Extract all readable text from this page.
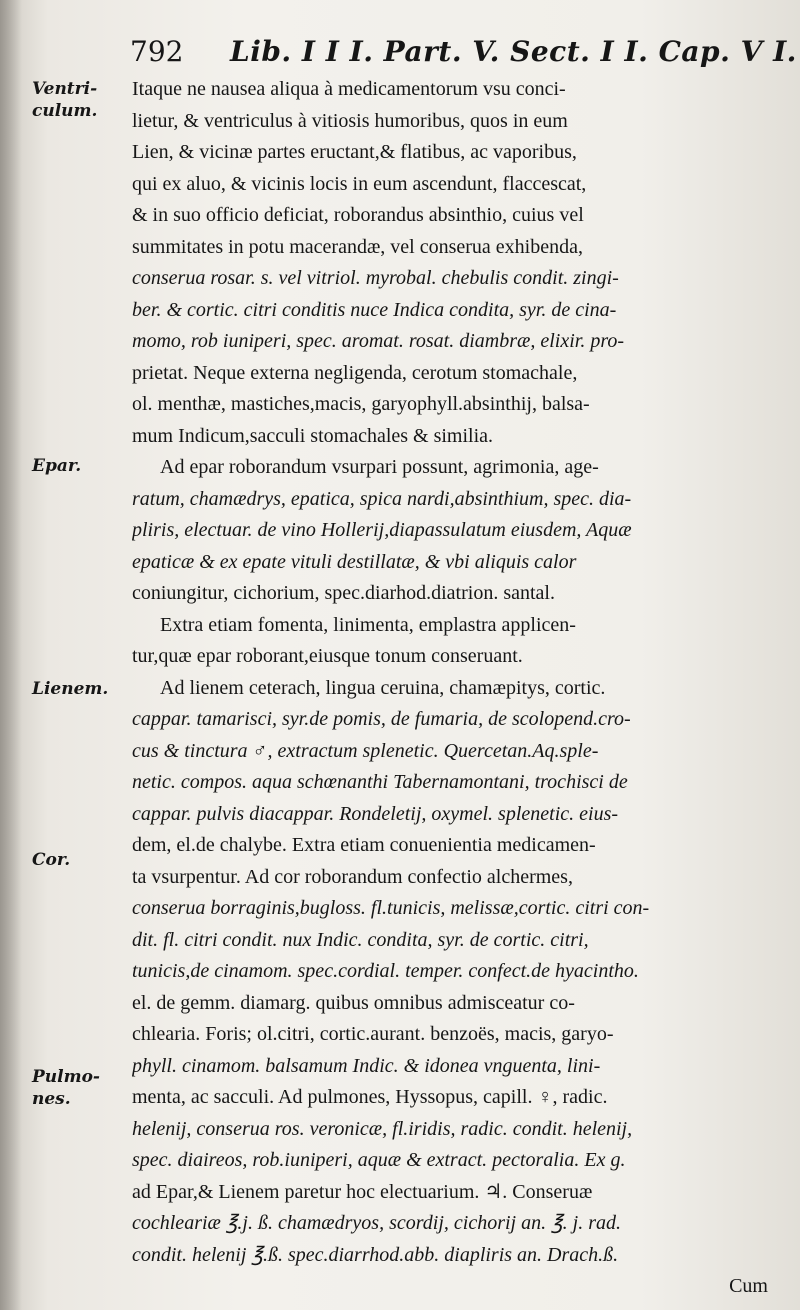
792 Lib. I I I. Part. V. Sect. I I. Cap. V I.
Ventri-
culum.
Epar.
Lienem.
Cor.
Pulmo-
nes.
Itaque ne nausea aliqua à medicamentorum vsu conci-
lietur, & ventriculus à vitiosis humoribus, quos in eum
Lien, & vicinæ partes eructant,& flatibus, ac vaporibus,
qui ex aluo, & vicinis locis in eum ascendunt, flaccescat,
& in suo officio deficiat, roborandus absinthio, cuius vel
summitates in potu macerandæ, vel conserua exhibenda,
conserua rosar. s. vel vitriol. myrobal. chebulis condit. zingi-
ber. & cortic. citri conditis nuce Indica condita, syr. de cina-
momo, rob iuniperi, spec. aromat. rosat. diambræ, elixir. pro-
prietat. Neque externa negligenda, cerotum stomachale,
ol. menthæ, mastiches,macis, garyophyll.absinthij, balsa-
mum Indicum,sacculi stomachales & similia.
Ad epar roborandum vsurpari possunt, agrimonia, age-
ratum, chamædrys, epatica, spica nardi,absinthium, spec. dia-
pliris, electuar. de vino Hollerij,diapassulatum eiusdem, Aquæ
epaticæ & ex epate vituli destillatæ, & vbi aliquis calor
coniungitur, cichorium, spec.diarhod.diatrion. santal.
Extra etiam fomenta, linimenta, emplastra applicen-
tur,quæ epar roborant,eiusque tonum conseruant.
Ad lienem ceterach, lingua ceruina, chamæpitys, cortic.
cappar. tamarisci, syr.de pomis, de fumaria, de scolopend.cro-
cus & tinctura ♂, extractum splenetic. Quercetan.Aq.sple-
netic. compos. aqua schœnanthi Tabernamontani, trochisci de
cappar. pulvis diacappar. Rondeletij, oxymel. splenetic. eius-
dem, el.de chalybe. Extra etiam conuenientia medicamen-
ta vsurpentur. Ad cor roborandum confectio alchermes,
conserua borraginis,bugloss. fl.tunicis, melissæ,cortic. citri con-
dit. fl. citri condit. nux Indic. condita, syr. de cortic. citri,
tunicis,de cinamom. spec.cordial. temper. confect.de hyacintho.
el. de gemm. diamarg. quibus omnibus admisceatur co-
chlearia. Foris; ol.citri, cortic.aurant. benzoës, macis, garyo-
phyll. cinamom. balsamum Indic. & idonea vnguenta, lini-
menta, ac sacculi. Ad pulmones, Hyssopus, capill. ♀, radic.
helenij, conserua ros. veronicæ, fl.iridis, radic. condit. helenij,
spec. diaireos, rob.iuniperi, aquæ & extract. pectoralia. Ex g.
ad Epar,& Lienem paretur hoc electuarium. ♃. Conseruæ
cochleariæ ℥.j. ß. chamædryos, scordij, cichorij an. ℥. j. rad.
condit. helenij ℥.ß. spec.diarrhod.abb. diapliris an. Drach.ß.
Cum
